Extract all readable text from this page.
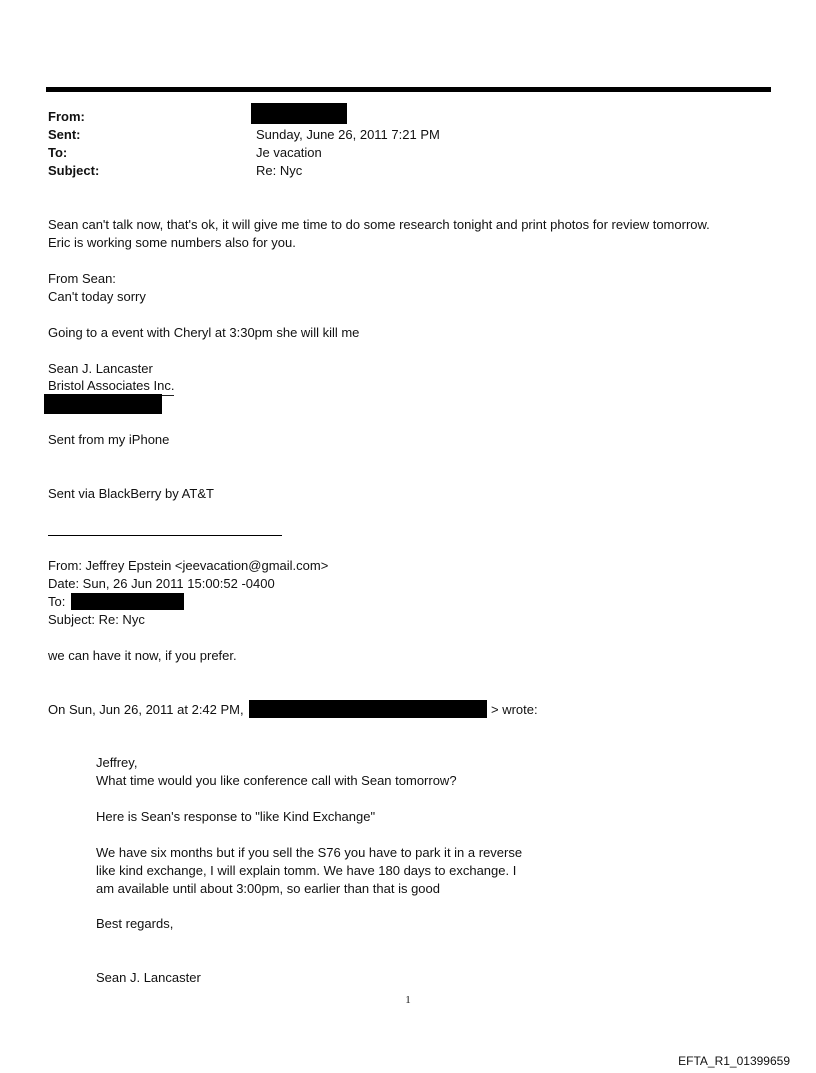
From:
Sent:	Sunday, June 26, 2011 7:21 PM
To:	Je vacation
Subject:	Re: Nyc
Sean can't talk now, that's ok, it will give me time to do some research tonight and print photos for review tomorrow.
Eric is working some numbers also for you.
From Sean:
Can't today sorry
Going to a event with Cheryl at 3:30pm she will kill me
Sean J. Lancaster
Bristol Associates Inc.
Sent from my iPhone
Sent via BlackBerry by AT&T
From: Jeffrey Epstein <jeevacation@gmail.com>
Date: Sun, 26 Jun 2011 15:00:52 -0400
To:
Subject: Re: Nyc
we can have it now, if you prefer.
On Sun, Jun 26, 2011 at 2:42 PM,	> wrote:
Jeffrey,
What time would you like conference call with Sean tomorrow?
Here is Sean's response to "like Kind Exchange"
We have six months but if you sell the S76 you have to park it in a reverse
like kind exchange, I will explain tomm. We have 180 days to exchange. I
am available until about 3:00pm, so earlier than that is good
Best regards,
Sean J. Lancaster
1
EFTA_R1_01399659
